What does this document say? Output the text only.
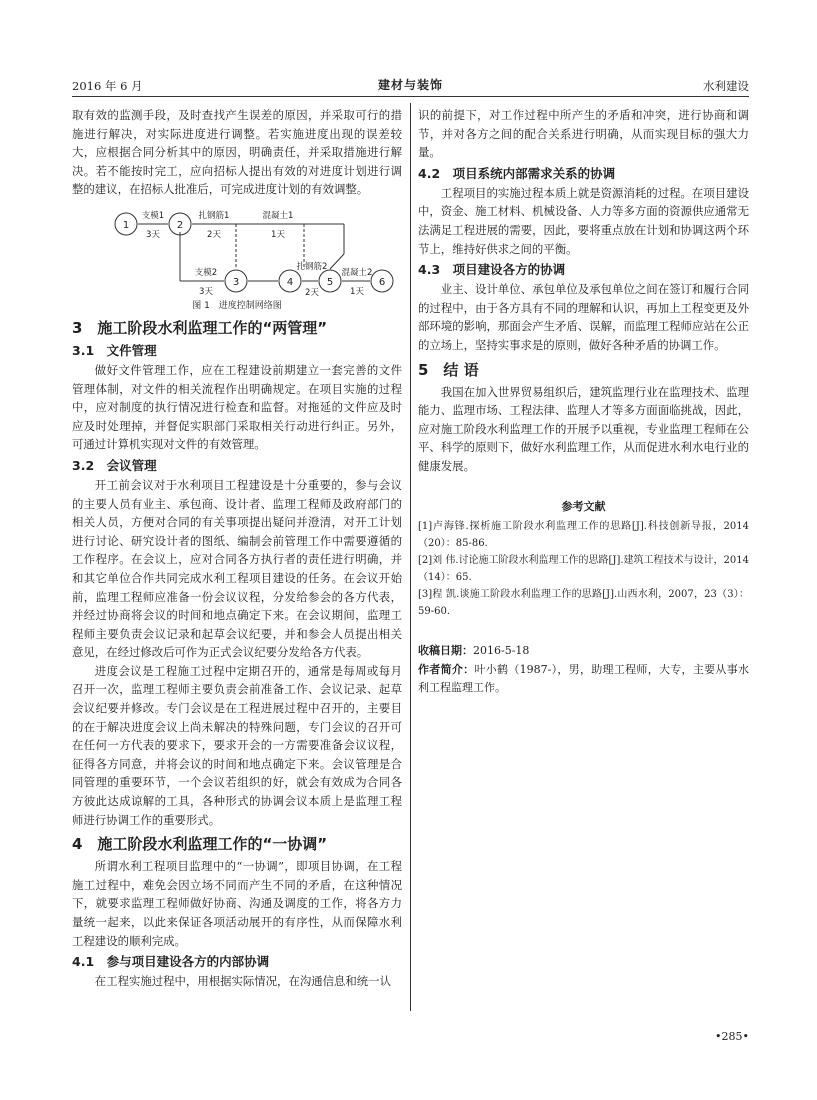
2016 年 6 月	建材与装饰	水利建设

取有效的监测手段，及时查找产生误差的原因，并采取可行的措施进行解决，对实际进度进行调整。若实施进度出现的误差较大，应根据合同分析其中的原因，明确责任，并采取措施进行解决。若不能按时完工，应向招标人提出有效的对进度计划进行调整的建议，在招标人批准后，可完成进度计划的有效调整。

1	2
3	4	5	6
支模1
3天
扎钢筋1
2天
混凝土1
1天
支模2
3天
扎钢筋2
2天
混凝土2
1天
图 1　进度控制网络图
3　施工阶段水利监理工作的“两管理”
3.1　文件管理

做好文件管理工作，应在工程建设前期建立一套完善的文件管理体制，对文件的相关流程作出明确规定。在项目实施的过程中，应对制度的执行情况进行检查和监督。对拖延的文件应及时应及时处理掉，并督促实职部门采取相关行动进行纠正。另外，可通过计算机实现对文件的有效管理。

3.2　会议管理

开工前会议对于水利项目工程建设是十分重要的，参与会议的主要人员有业主、承包商、设计者、监理工程师及政府部门的相关人员，方便对合同的有关事项提出疑问并澄清，对开工计划进行讨论、研究设计者的图纸、编制会前管理工作中需要遵循的工作程序。在会议上，应对合同各方执行者的责任进行明确，并和其它单位合作共同完成水利工程项目建设的任务。在会议开始前，监理工程师应准备一份会议议程，分发给参会的各方代表，并经过协商将会议的时间和地点确定下来。在会议期间，监理工程师主要负责会议记录和起草会议纪要，并和参会人员提出相关意见，在经过修改后可作为正式会议纪要分发给各方代表。

进度会议是工程施工过程中定期召开的，通常是每周或每月召开一次，监理工程师主要负责会前准备工作、会议记录、起草会议纪要并修改。专门会议是在工程进展过程中召开的，主要目的在于解决进度会议上尚未解决的特殊问题，专门会议的召开可在任何一方代表的要求下，要求开会的一方需要准备会议议程，征得各方同意，并将会议的时间和地点确定下来。会议管理是合同管理的重要环节，一个会议若组织的好，就会有效成为合同各方彼此达成谅解的工具，各种形式的协调会议本质上是监理工程师进行协调工作的重要形式。

4　施工阶段水利监理工作的“一协调”

所谓水利工程项目监理中的“一协调”，即项目协调，在工程施工过程中，难免会因立场不同而产生不同的矛盾，在这种情况下，就要求监理工程师做好协商、沟通及调度的工作，将各方力量统一起来，以此来保证各项活动展开的有序性，从而保障水利工程建设的顺利完成。

4.1　参与项目建设各方的内部协调

在工程实施过程中，用根据实际情况，在沟通信息和统一认

识的前提下，对工作过程中所产生的矛盾和冲突，进行协商和调节，并对各方之间的配合关系进行明确，从而实现目标的强大力量。

4.2　项目系统内部需求关系的协调

工程项目的实施过程本质上就是资源消耗的过程。在项目建设中，资金、施工材料、机械设备、人力等多方面的资源供应通常无法满足工程进展的需要，因此，要将重点放在计划和协调这两个环节上，维持好供求之间的平衡。

4.3　项目建设各方的协调

业主、设计单位、承包单位及承包单位之间在签订和履行合同的过程中，由于各方具有不同的理解和认识，再加上工程变更及外部环境的影响，那面会产生矛盾、误解，而监理工程师应站在公正的立场上，坚持实事求是的原则，做好各种矛盾的协调工作。

5　结 语

我国在加入世界贸易组织后，建筑监理行业在监理技术、监理能力、监理市场、工程法律、监理人才等多方面面临挑战，因此，应对施工阶段水利监理工作的开展予以重视，专业监理工程师在公平、科学的原则下，做好水利监理工作，从而促进水利水电行业的健康发展。

参考文献

[1]卢海锋.探析施工阶段水利监理工作的思路[J].科技创新导报，2014（20）：85-86.

[2]刘 伟.讨论施工阶段水利监理工作的思路[J].建筑工程技术与设计，2014（14）：65.

[3]程 凯.谈施工阶段水利监理工作的思路[J].山西水利，2007，23（3）：59-60.

收稿日期：2016-5-18

作者简介：叶小鹤（1987-），男，助理工程师，大专，主要从事水利工程监理工作。

•285•
